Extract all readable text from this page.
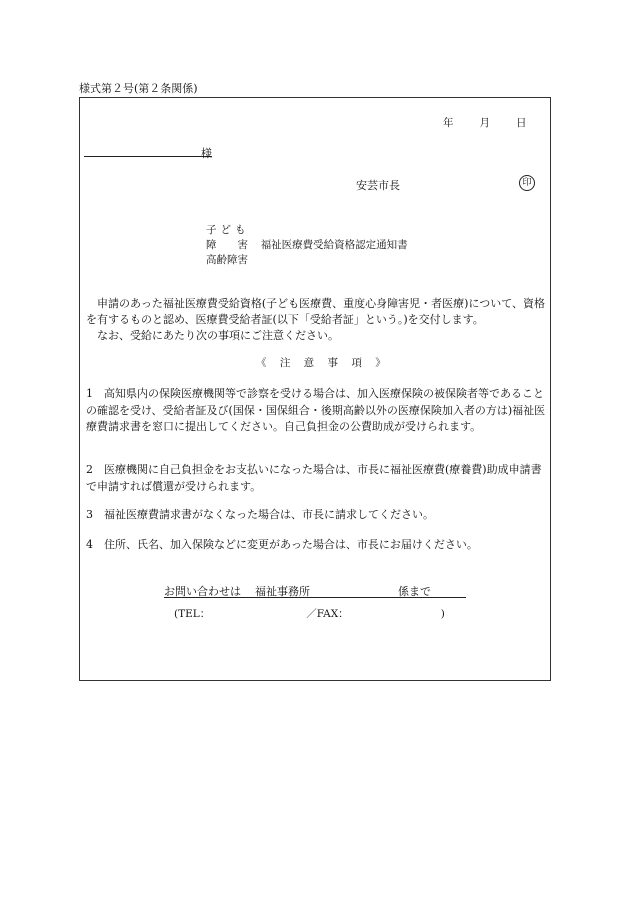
様式第２号(第２条関係)
年 月 日
様
安芸市長	印
子ども
障　　害 福祉医療費受給資格認定通知書
高齢障害
申請のあった福祉医療費受給資格(子ども医療費、重度心身障害児・者医療)について、資格を有するものと認め、医療費受給者証(以下「受給者証」という。)を交付します。
なお、受給にあたり次の事項にご注意ください。
《 注 意 事 項 》
1　 高知県内の保険医療機関等で診察を受ける場合は、加入医療保険の被保険者等であることの確認を受け、受給者証及び(国保・国保組合・後期高齢以外の医療保険加入者の方は)福祉医療費請求書を窓口に提出してください。自己負担金の公費助成が受けられます。
2　 医療機関に自己負担金をお支払いになった場合は、市長に福祉医療費(療養費)助成申請書で申請すれば償還が受けられます。
3　 福祉医療費請求書がなくなった場合は、市長に請求してください。
4　 住所、氏名、加入保険などに変更があった場合は、市長にお届けください。
お問い合わせは 福祉事務所	係まで
(TEL：	／FAX：	)
